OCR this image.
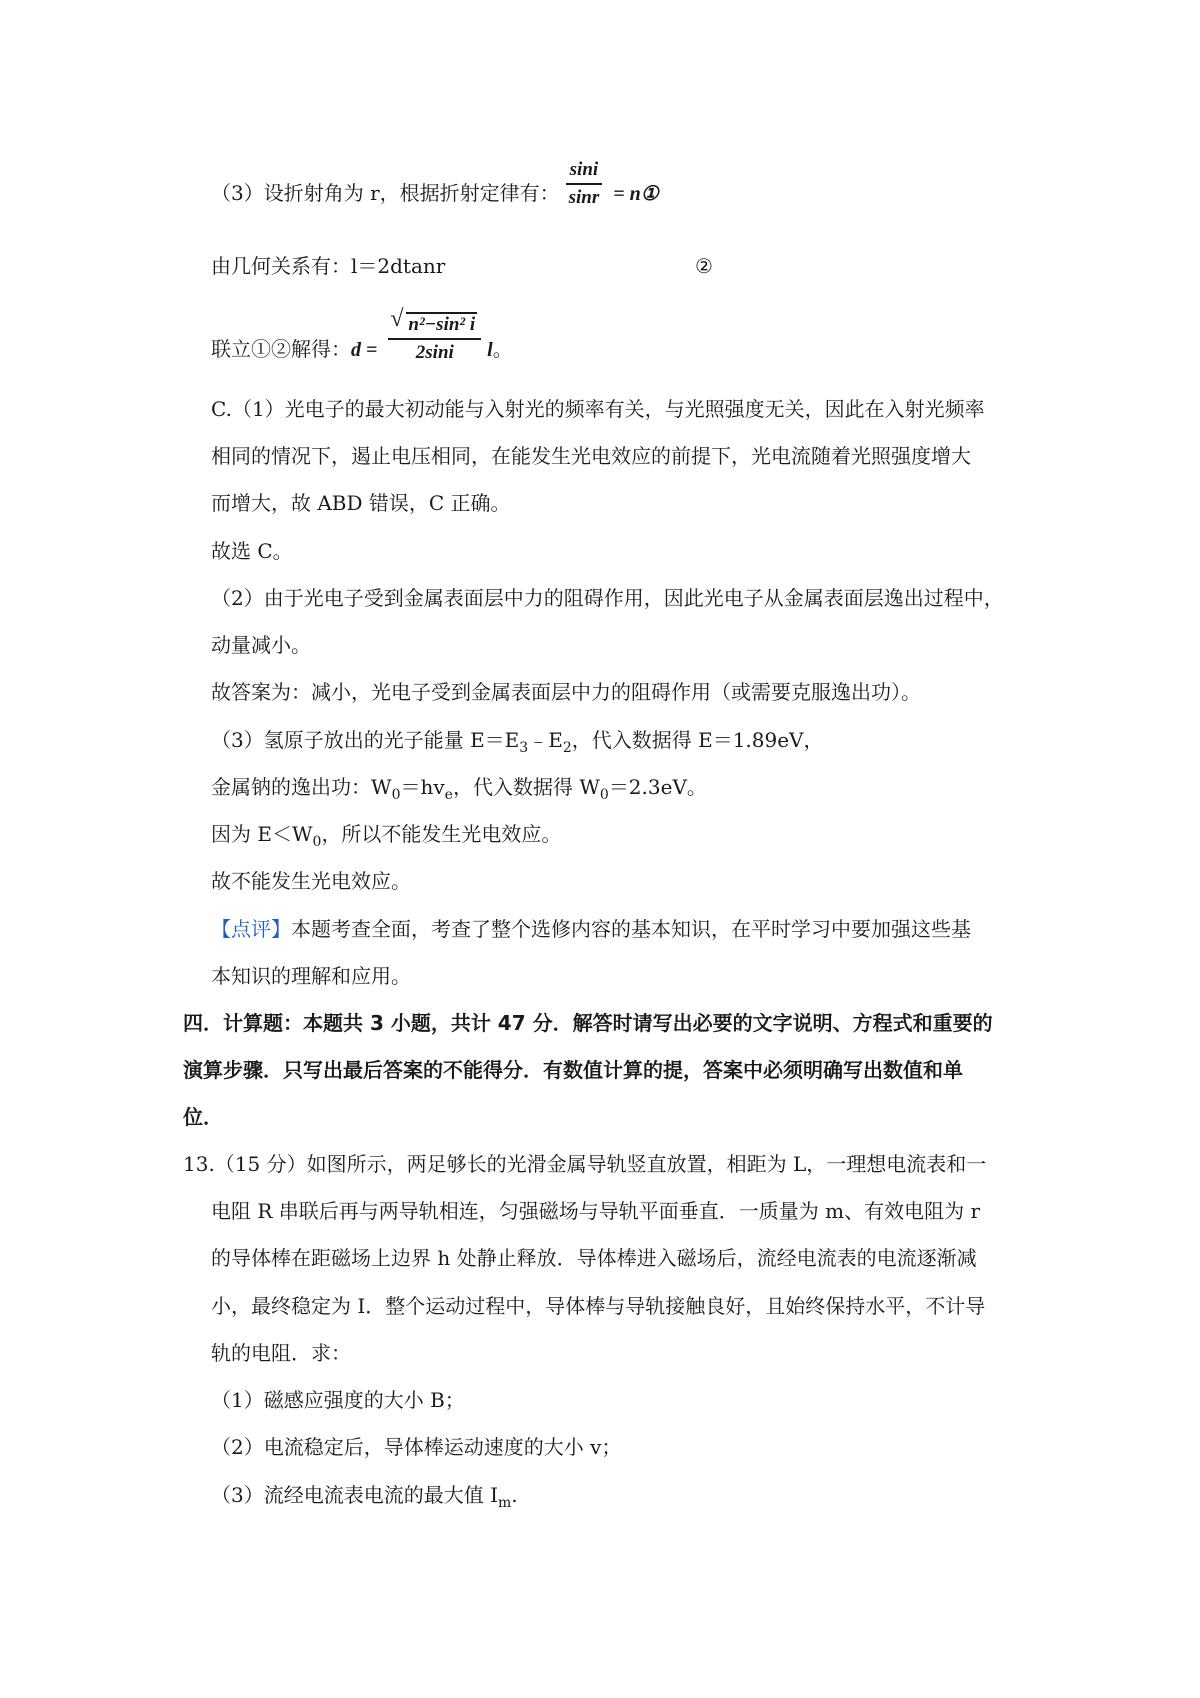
（3）设折射角为 r，根据折射定律有： $\frac{\sin i}{\sin r}$ = n①
由几何关系有：l＝2dtanr	②
联立①②解得：d =
√ $\frac{\text{n²−sin² i}}{2\sin i}$ l。
C.（1）光电子的最大初动能与入射光的频率有关，与光照强度无关，因此在入射光频率
相同的情况下，遏止电压相同，在能发生光电效应的前提下，光电流随着光照强度增大
而增大，故 ABD 错误，C 正确。
故选 C。
（2）由于光电子受到金属表面层中力的阻碍作用，因此光电子从金属表面层逸出过程中，
动量减小。
故答案为：减小，光电子受到金属表面层中力的阻碍作用（或需要克服逸出功）。
（3）氢原子放出的光子能量 $E=E_3﹣E_2$，代入数据得 E＝1.89eV，
金属钠的逸出功：$W_0=hv_e$，代入数据得 $W_0=2.3eV$。
因为 $E<W_0$，所以不能发生光电效应。
故不能发生光电效应。
【点评】本题考查全面，考查了整个选修内容的基本知识，在平时学习中要加强这些基
本知识的理解和应用。
四．计算题：本题共 3 小题，共计 47 分．解答时请写出必要的文字说明、方程式和重要的
演算步骤．只写出最后答案的不能得分．有数值计算的提，答案中必须明确写出数值和单
位．
13.（15 分）如图所示，两足够长的光滑金属导轨竖直放置，相距为 L，一理想电流表和一
电阻 R 串联后再与两导轨相连，匀强磁场与导轨平面垂直．一质量为 m、有效电阻为 r
的导体棒在距磁场上边界 h 处静止释放．导体棒进入磁场后，流经电流表的电流逐渐减
小，最终稳定为 I．整个运动过程中，导体棒与导轨接触良好，且始终保持水平，不计导
轨的电阻．求：
（1）磁感应强度的大小 B；
（2）电流稳定后，导体棒运动速度的大小 v；
（3）流经电流表电流的最大值 $I_m$.
